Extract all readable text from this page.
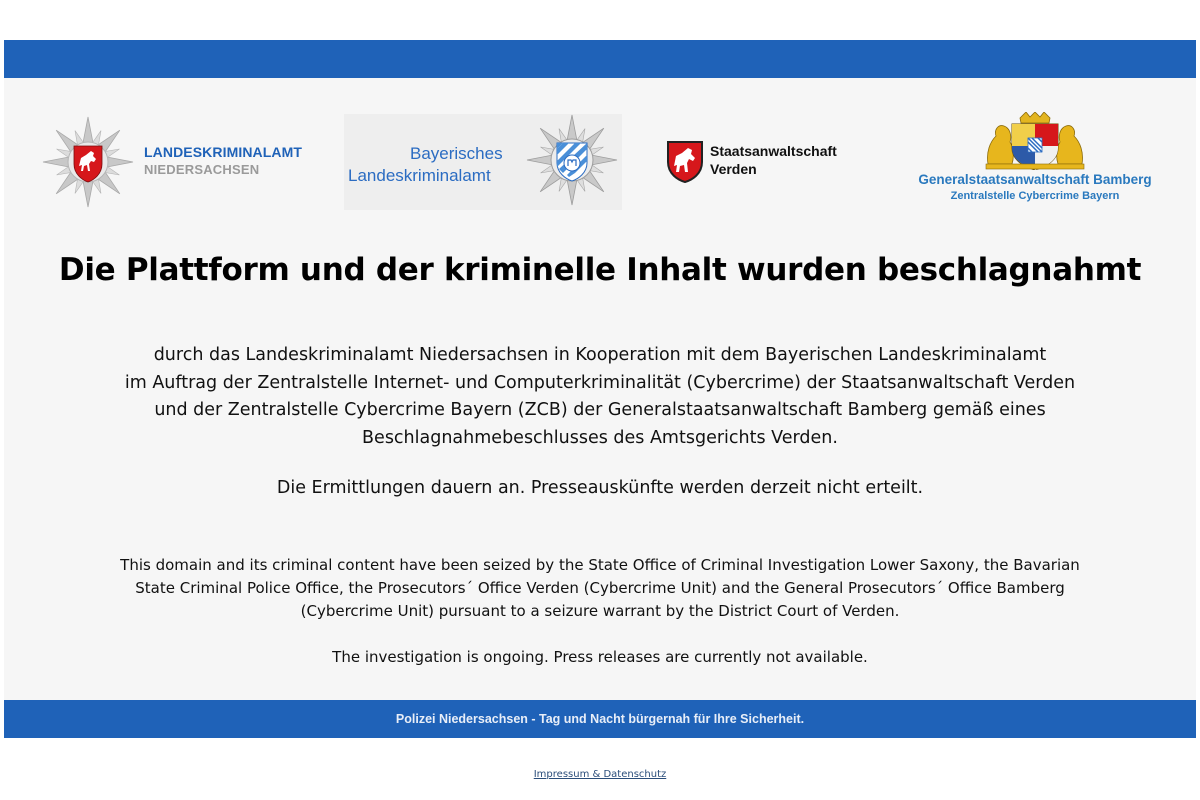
LANDESKRIMINALAMT
NIEDERSACHSEN
Bayerisches
Landeskriminalamt	Generalstaatsanwaltschaft Bamberg
Zentralstelle Cybercrime Bayern
Staatsanwaltschaft
Verden
Die Plattform und der kriminelle Inhalt wurden beschlagnahmt
durch das Landeskriminalamt Niedersachsen in Kooperation mit dem Bayerischen Landeskriminalamt
im Auftrag der Zentralstelle Internet- und Computerkriminalität (Cybercrime) der Staatsanwaltschaft Verden
und der Zentralstelle Cybercrime Bayern (ZCB) der Generalstaatsanwaltschaft Bamberg gemäß eines
Beschlagnahmebeschlusses des Amtsgerichts Verden.
Die Ermittlungen dauern an. Presseauskünfte werden derzeit nicht erteilt.
This domain and its criminal content have been seized by the State Office of Criminal Investigation Lower Saxony, the Bavarian
State Criminal Police Office, the Prosecutors´ Office Verden (Cybercrime Unit) and the General Prosecutors´ Office Bamberg
(Cybercrime Unit) pursuant to a seizure warrant by the District Court of Verden.
The investigation is ongoing. Press releases are currently not available.
Polizei Niedersachsen - Tag und Nacht bürgernah für Ihre Sicherheit.
Impressum & Datenschutz
